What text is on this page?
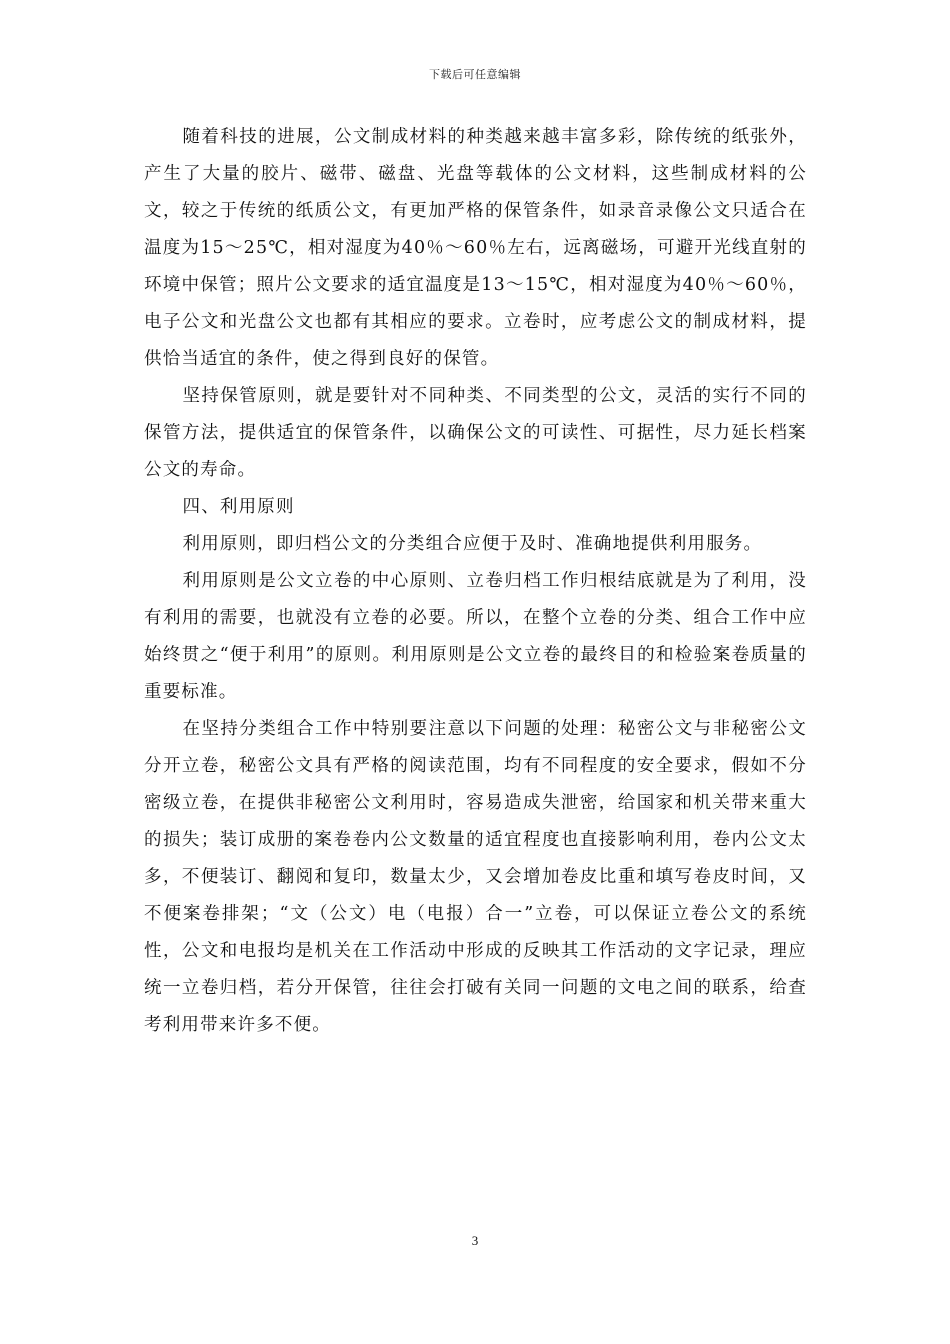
下载后可任意编辑

随着科技的进展，公文制成材料的种类越来越丰富多彩，除传统的纸张外，产生了大量的胶片、磁带、磁盘、光盘等载体的公文材料，这些制成材料的公文，较之于传统的纸质公文，有更加严格的保管条件，如录音录像公文只适合在温度为15～25℃，相对湿度为40％～60％左右，远离磁场，可避开光线直射的环境中保管；照片公文要求的适宜温度是13～15℃，相对湿度为40％～60％，电子公文和光盘公文也都有其相应的要求。立卷时，应考虑公文的制成材料，提供恰当适宜的条件，使之得到良好的保管。

坚持保管原则，就是要针对不同种类、不同类型的公文，灵活的实行不同的保管方法，提供适宜的保管条件，以确保公文的可读性、可据性，尽力延长档案公文的寿命。

四、利用原则

利用原则，即归档公文的分类组合应便于及时、准确地提供利用服务。

利用原则是公文立卷的中心原则、立卷归档工作归根结底就是为了利用，没有利用的需要，也就没有立卷的必要。所以，在整个立卷的分类、组合工作中应始终贯之“便于利用”的原则。利用原则是公文立卷的最终目的和检验案卷质量的重要标准。

在坚持分类组合工作中特别要注意以下问题的处理：秘密公文与非秘密公文分开立卷，秘密公文具有严格的阅读范围，均有不同程度的安全要求，假如不分密级立卷，在提供非秘密公文利用时，容易造成失泄密，给国家和机关带来重大的损失；装订成册的案卷卷内公文数量的适宜程度也直接影响利用，卷内公文太多，不便装订、翻阅和复印，数量太少，又会增加卷皮比重和填写卷皮时间，又不便案卷排架；“文（公文）电（电报）合一”立卷，可以保证立卷公文的系统性，公文和电报均是机关在工作活动中形成的反映其工作活动的文字记录，理应统一立卷归档，若分开保管，往往会打破有关同一问题的文电之间的联系，给查考利用带来许多不便。

3
